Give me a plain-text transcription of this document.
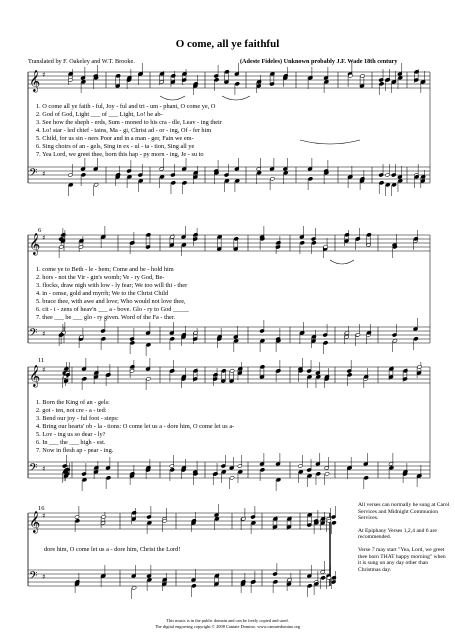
O come, all ye faithful
Translated by F. Oakeley and W.T. Brooke.	(Adeste Fideles) Unknown probably J.F. Wade 18th century
𝄞 ♯
𝄢 ♯
𝄞 ♯
𝄢 ♯
𝄞 ♯
𝄢 ♯
𝄞 ♯
𝄢 ♯
1. O come all ye faith - ful, Joy - ful and tri - um - phant, O come ye, O
2. God of God, Light ___ of ___ Light, Lo! he ab-
3. See how the sheph - erds, Sum - moned to his cra - dle, Leav - ing their
4. Lo! star - led chief - tains, Ma - gi, Christ ad - or - ing, Of - fer him
5. Child, for us sin - ners Poor and in a man - ger, Fain we em-
6. Sing choirs of an - gels, Sing in ex - ul - ta - tion, Sing all ye
7. Yea Lord, we greet thee, born this hap - py morn - ing, Je - su to
6
1. come ye to Beth - le - hem; Come and be - hold him
2. hors - not the Vir - gin's womb; Ve - ry God, Be-
3. flocks, draw nigh with low - ly fear; We too will thi - ther
4. in - cense, gold and myrrh; We to the Christ Child
5. brace thee, with awe and love; Who would not love thee,
6. cit - i - zens of heav'n ___ a - bove. Glo - ry to God _____
7. thee ___ be ___ glo - ry given. Word of the Fa - ther.
11
1. Born the King of an - gels:
2. got - ten, not cre - a - ted:
3. Bend our joy - ful foot - steps:
4. Bring our hearts' ob - la - tions: O come let us a - dore him, O come let us a-
5. Lov - ing us so dear - ly?
6. In ___ the ___ high - est.
7. Now in flesh ap - pear - ing.
16
dore him, O come let us a - dore him, Christ the Lord!

All verses can normally be sung at Carol Services and Midnight Communion Services.

At Epiphany Verses 1,2,4 and 6 are recommended.

Verse 7 may start "Yea, Lord, we greet thee born THAT happy morning" when it is sung on any day other than Christmas day.

This music is in the public domain and can be freely copied and used.
The digital engraving copyright © 2008 Cantate Domino. www.cantatedomino.org
